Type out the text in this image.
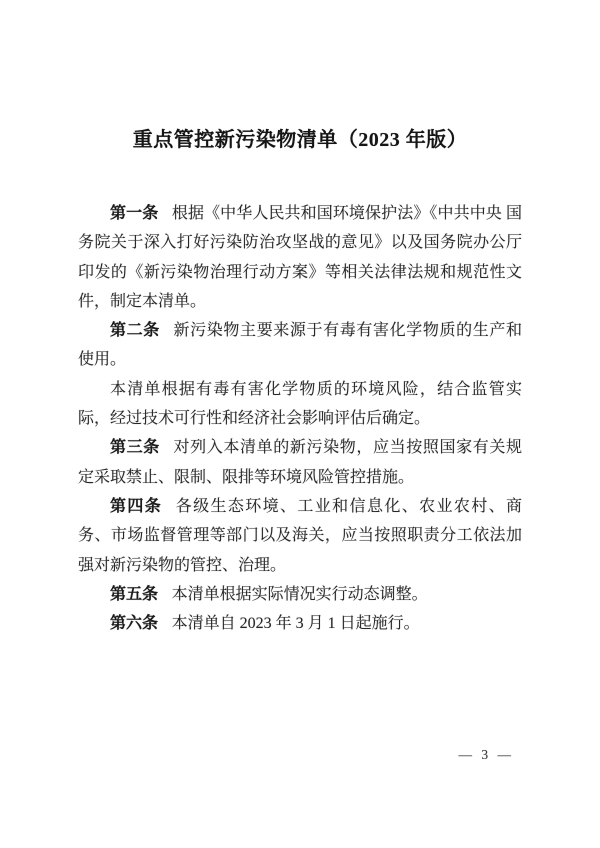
重点管控新污染物清单（2023 年版）

第一条 根据《中华人民共和国环境保护法》《中共中央 国务院关于深入打好污染防治攻坚战的意见》以及国务院办公厅印发的《新污染物治理行动方案》等相关法律法规和规范性文件，制定本清单。

第二条 新污染物主要来源于有毒有害化学物质的生产和使用。

本清单根据有毒有害化学物质的环境风险，结合监管实际，经过技术可行性和经济社会影响评估后确定。

第三条 对列入本清单的新污染物，应当按照国家有关规定采取禁止、限制、限排等环境风险管控措施。

第四条 各级生态环境、工业和信息化、农业农村、商务、市场监督管理等部门以及海关，应当按照职责分工依法加强对新污染物的管控、治理。

第五条 本清单根据实际情况实行动态调整。

第六条 本清单自 2023 年 3 月 1 日起施行。

— 3 —
